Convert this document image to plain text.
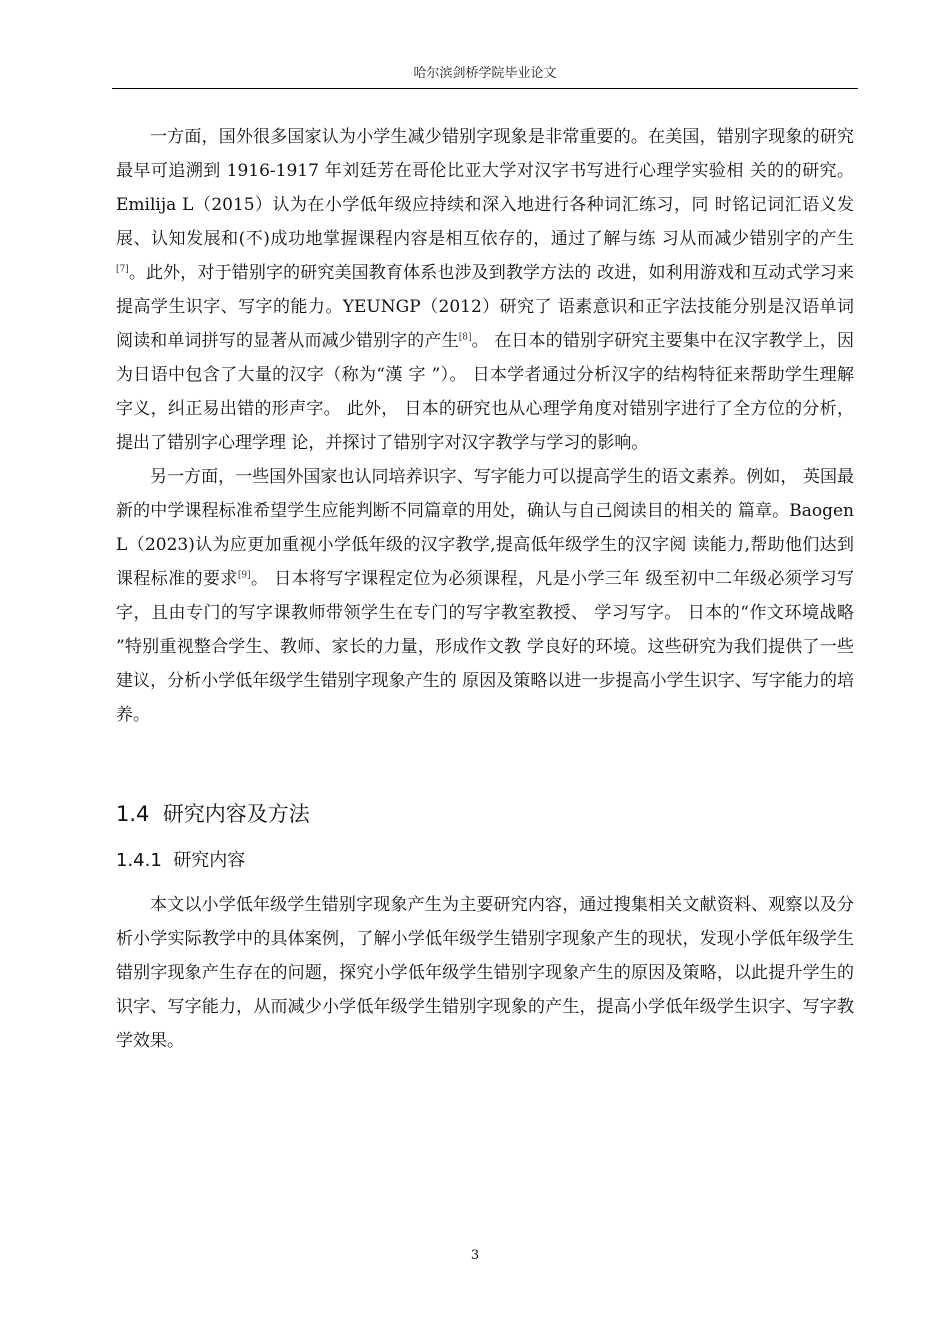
哈尔滨剑桥学院毕业论文

一方面，国外很多国家认为小学生减少错别字现象是非常重要的。在美国，错别字现象的研究最早可追溯到 1916-1917 年刘廷芳在哥伦比亚大学对汉字书写进行心理学实验相 关的的研究。Emilija L（2015）认为在小学低年级应持续和深入地进行各种词汇练习，同 时铭记词汇语义发展、认知发展和(不)成功地掌握课程内容是相互依存的，通过了解与练 习从而减少错别字的产生[7]。此外，对于错别字的研究美国教育体系也涉及到教学方法的 改进，如利用游戏和互动式学习来提高学生识字、写字的能力。YEUNGP（2012）研究了 语素意识和正字法技能分别是汉语单词阅读和单词拼写的显著从而减少错别字的产生[8]。 在日本的错别字研究主要集中在汉字教学上，因为日语中包含了大量的汉字（称为“漢 字 ”）。 日本学者通过分析汉字的结构特征来帮助学生理解字义，纠正易出错的形声字。 此外， 日本的研究也从心理学角度对错别字进行了全方位的分析，提出了错别字心理学理 论，并探讨了错别字对汉字教学与学习的影响。

另一方面，一些国外国家也认同培养识字、写字能力可以提高学生的语文素养。例如， 英国最新的中学课程标准希望学生应能判断不同篇章的用处，确认与自己阅读目的相关的 篇章。Baogen L（2023)认为应更加重视小学低年级的汉字教学,提高低年级学生的汉字阅 读能力,帮助他们达到课程标准的要求[9]。 日本将写字课程定位为必须课程，凡是小学三年 级至初中二年级必须学习写字，且由专门的写字课教师带领学生在专门的写字教室教授、 学习写字。 日本的“作文环境战略 ”特别重视整合学生、教师、家长的力量，形成作文教 学良好的环境。这些研究为我们提供了一些建议，分析小学低年级学生错别字现象产生的 原因及策略以进一步提高小学生识字、写字能力的培养。

1.4 研究内容及方法
1.4.1 研究内容

本文以小学低年级学生错别字现象产生为主要研究内容，通过搜集相关文献资料、观察以及分析小学实际教学中的具体案例，了解小学低年级学生错别字现象产生的现状，发现小学低年级学生错别字现象产生存在的问题，探究小学低年级学生错别字现象产生的原因及策略，以此提升学生的识字、写字能力，从而减少小学低年级学生错别字现象的产生，提高小学低年级学生识字、写字教学效果。

3
